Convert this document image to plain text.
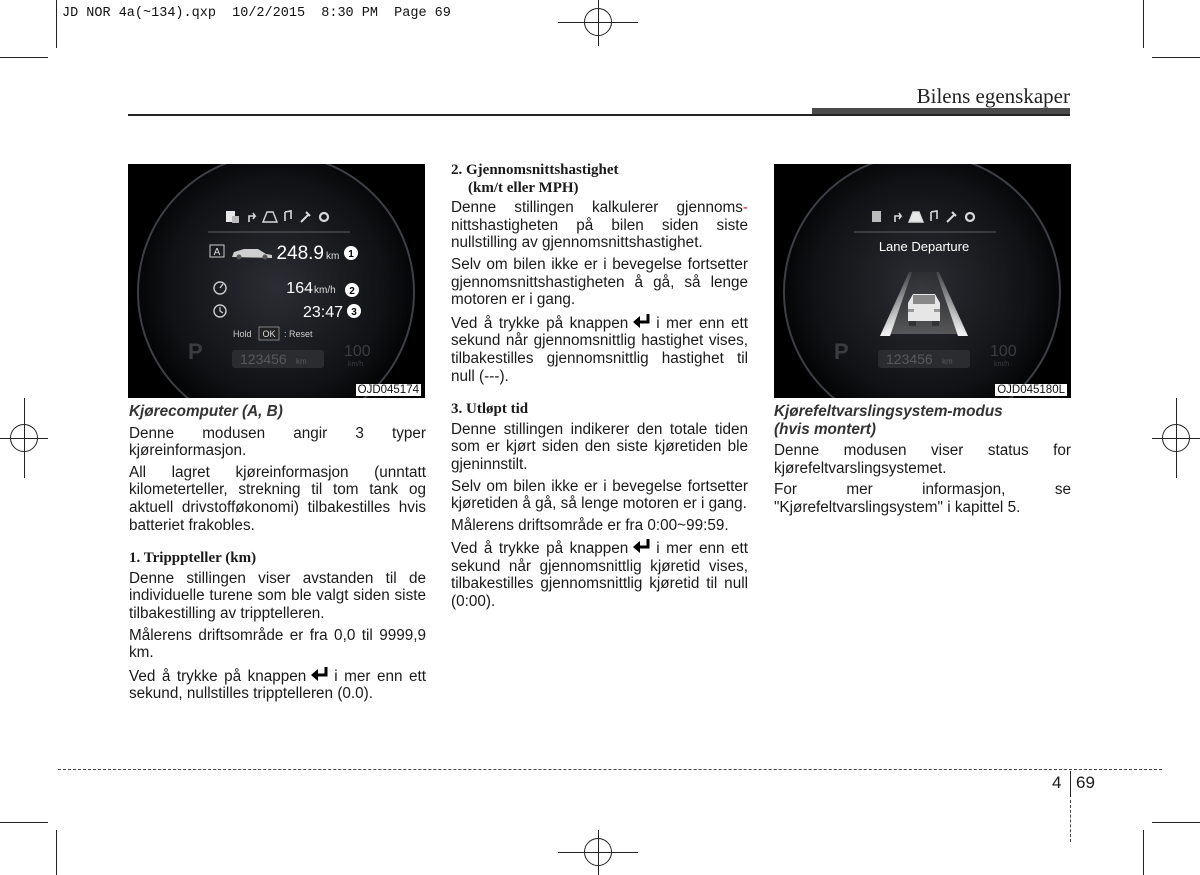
JD NOR 4a(~134).qxp  10/2/2015  8:30 PM  Page 69
Bilens egenskaper
A	248.9 km 1
164 km/h 2
23:47 3
Hold OK : Reset
P	123456 km
100
km/h
OJD045174
Lane Departure
P	123456 km
100
km/h
OJD045180L

Kjørecomputer (A, B)

Denne modusen angir 3 typer kjøreinformasjon.

All lagret kjøreinformasjon (unntatt kilometerteller, strekning til tom tank og aktuell drivstofføkonomi) tilbakestilles hvis batteriet frakobles.

1. Tripppteller (km)

Denne stillingen viser avstanden til de individuelle turene som ble valgt siden siste tilbakestilling av tripptelleren.

Målerens driftsområde er fra 0,0 til 9999,9 km.

Ved å trykke på knappen i mer enn ett sekund, nullstilles tripptelleren (0.0).

2. Gjennomsnittshastighet
(km/t eller MPH)

Denne stillingen kalkulerer gjennoms- nittshastigheten på bilen siden siste nullstilling av gjennomsnittshastighet.

Selv om bilen ikke er i bevegelse fortsetter gjennomsnittshastigheten å gå, så lenge motoren er i gang.

Ved å trykke på knappen i mer enn ett sekund når gjennomsnittlig hastighet vises, tilbakestilles gjennomsnittlig hastighet til null (---).

3. Utløpt tid

Denne stillingen indikerer den totale tiden som er kjørt siden den siste kjøretiden ble gjeninnstilt.

Selv om bilen ikke er i bevegelse fortsetter kjøretiden å gå, så lenge motoren er i gang.

Målerens driftsområde er fra 0:00~99:59.

Ved å trykke på knappen i mer enn ett sekund når gjennomsnittlig kjøretid vises, tilbakestilles gjennomsnittlig kjøretid til null (0:00).

Kjørefeltvarslingsystem-modus

(hvis montert)

Denne modusen viser status for kjørefeltvarslingsystemet.

For mer informasjon, se "Kjørefeltvarslingsystem" i kapittel 5.

4 69
